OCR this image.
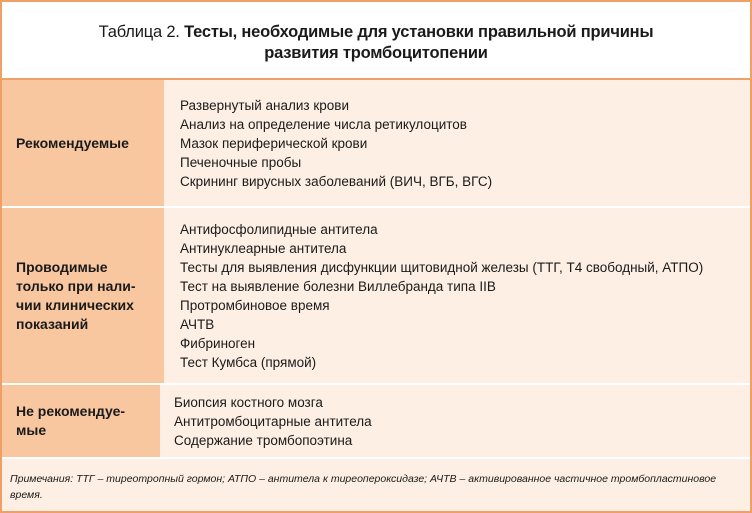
Таблица 2. Тесты, необходимые для установки правильной причины
развития тромбоцитопении
Рекомендуемые
Развернутый анализ крови
Анализ на определение числа ретикулоцитов
Мазок периферической крови
Печеночные пробы
Скрининг вирусных заболеваний (ВИЧ, ВГБ, ВГС)
Проводимые
только при нали-
чии клинических
показаний
Антифосфолипидные антитела
Антинуклеарные антитела
Тесты для выявления дисфункции щитовидной железы (ТТГ, Т4 свободный, АТПО)
Тест на выявление болезни Виллебранда типа IIB
Протромбиновое время
АЧТВ
Фибриноген
Тест Кумбса (прямой)
Не рекомендуе-
мые
Биопсия костного мозга
Антитромбоцитарные антитела
Содержание тромбопоэтина
Примечания: ТТГ – тиреотропный гормон; АТПО – антитела к тиреопероксидазе; АЧТВ – активированное частичное тромбопластиновое время.
